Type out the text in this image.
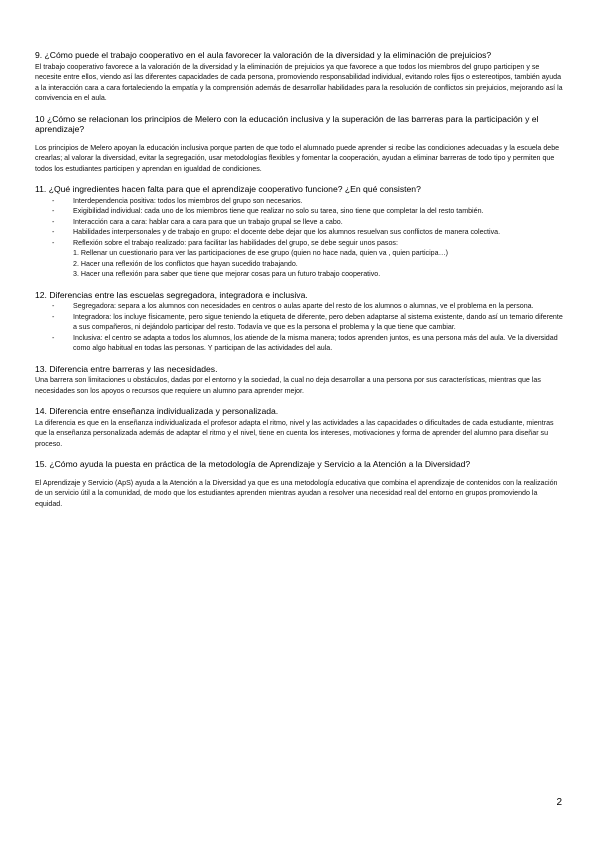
9. ¿Cómo puede el trabajo cooperativo en el aula favorecer la valoración de la diversidad y la eliminación de prejuicios?

El trabajo cooperativo favorece a la valoración de la diversidad y la eliminación de prejuicios ya que favorece a que todos los miembros del grupo participen y se necesite entre ellos, viendo así las diferentes capacidades de cada persona, promoviendo responsabilidad individual, evitando roles fijos o estereotipos, también ayuda a la interacción cara a cara fortaleciendo la empatía y la comprensión además de desarrollar habilidades para la resolución de conflictos sin prejuicios, mejorando así la convivencia en el aula.

10 ¿Cómo se relacionan los principios de Melero con la educación inclusiva y la superación de las barreras para la participación y el aprendizaje?

Los principios de Melero apoyan la educación inclusiva porque parten de que todo el alumnado puede aprender si recibe las condiciones adecuadas y la escuela debe crearlas; al valorar la diversidad, evitar la segregación, usar metodologías flexibles y fomentar la cooperación, ayudan a eliminar barreras de todo tipo y permiten que todos los estudiantes participen y aprendan en igualdad de condiciones.

11. ¿Qué ingredientes hacen falta para que el aprendizaje cooperativo funcione? ¿En qué consisten?

- Interdependencia positiva: todos los miembros del grupo son necesarios.
- Exigibilidad individual: cada uno de los miembros tiene que realizar no solo su tarea, sino tiene que completar la del resto también.
- Interacción cara a cara: hablar cara a cara para que un trabajo grupal se lleve a cabo.
- Habilidades interpersonales y de trabajo en grupo: el docente debe dejar que los alumnos resuelvan sus conflictos de manera colectiva.
- Reflexión sobre el trabajo realizado: para facilitar las habilidades del grupo, se debe seguir unos pasos:
1. Rellenar un cuestionario para ver las participaciones de ese grupo (quien no hace nada, quien va , quien participa…)
2. Hacer una reflexión de los conflictos que hayan sucedido trabajando.
3. Hacer una reflexión para saber que tiene que mejorar cosas para un futuro trabajo cooperativo.

12. Diferencias entre las escuelas segregadora, integradora e inclusiva.

- Segregadora: separa a los alumnos con necesidades en centros o aulas aparte del resto de los alumnos o alumnas, ve el problema en la persona.
- Integradora: los incluye físicamente, pero sigue teniendo la etiqueta de diferente, pero deben adaptarse al sistema existente, dando así un temario diferente a sus compañeros, ni dejándolo participar del resto. Todavía ve que es la persona el problema y la que tiene que cambiar.
- Inclusiva: el centro se adapta a todos los alumnos, los atiende de la misma manera; todos aprenden juntos, es una persona más del aula. Ve la diversidad como algo habitual en todas las personas. Y participan de las actividades del aula.

13. Diferencia entre barreras y las necesidades.

Una barrera son limitaciones u obstáculos, dadas por el entorno y la sociedad, la cual no deja desarrollar a una persona por sus características, mientras que las necesidades son los apoyos o recursos que requiere un alumno para aprender mejor.

14. Diferencia entre enseñanza individualizada y personalizada.

La diferencia es que en la enseñanza individualizada el profesor adapta el ritmo, nivel y las actividades a las capacidades o dificultades de cada estudiante, mientras que la enseñanza personalizada además de adaptar el ritmo y el nivel, tiene en cuenta los intereses, motivaciones y forma de aprender del alumno para diseñar su proceso.

15. ¿Cómo ayuda la puesta en práctica de la metodología de Aprendizaje y Servicio a la Atención a la Diversidad?

El Aprendizaje y Servicio (ApS) ayuda a la Atención a la Diversidad ya que es una metodología educativa que combina el aprendizaje de contenidos con la realización de un servicio útil a la comunidad, de modo que los estudiantes aprenden mientras ayudan a resolver una necesidad real del entorno en grupos promoviendo la equidad.

2
